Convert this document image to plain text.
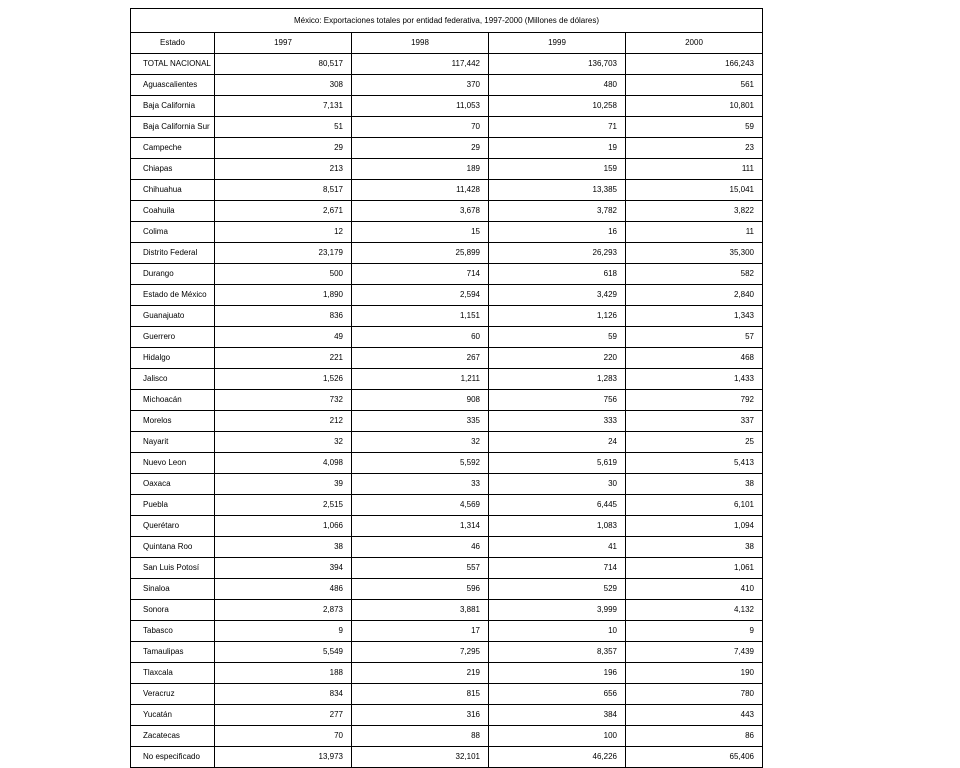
México: Exportaciones totales por entidad federativa, 1997-2000 (Millones de dólares)				
Estado	1997	1998	1999	2000
TOTAL NACIONAL	80,517	117,442	136,703	166,243
Aguascalientes	308	370	480	561
Baja California	7,131	11,053	10,258	10,801
Baja California Sur	51	70	71	59
Campeche	29	29	19	23
Chiapas	213	189	159	111
Chihuahua	8,517	11,428	13,385	15,041
Coahuila	2,671	3,678	3,782	3,822
Colima	12	15	16	11
Distrito Federal	23,179	25,899	26,293	35,300
Durango	500	714	618	582
Estado de México	1,890	2,594	3,429	2,840
Guanajuato	836	1,151	1,126	1,343
Guerrero	49	60	59	57
Hidalgo	221	267	220	468
Jalisco	1,526	1,211	1,283	1,433
Michoacán	732	908	756	792
Morelos	212	335	333	337
Nayarit	32	32	24	25
Nuevo Leon	4,098	5,592	5,619	5,413
Oaxaca	39	33	30	38
Puebla	2,515	4,569	6,445	6,101
Querétaro	1,066	1,314	1,083	1,094
Quintana Roo	38	46	41	38
San Luis Potosí	394	557	714	1,061
Sinaloa	486	596	529	410
Sonora	2,873	3,881	3,999	4,132
Tabasco	9	17	10	9
Tamaulipas	5,549	7,295	8,357	7,439
Tlaxcala	188	219	196	190
Veracruz	834	815	656	780
Yucatán	277	316	384	443
Zacatecas	70	88	100	86
No especificado	13,973	32,101	46,226	65,406
